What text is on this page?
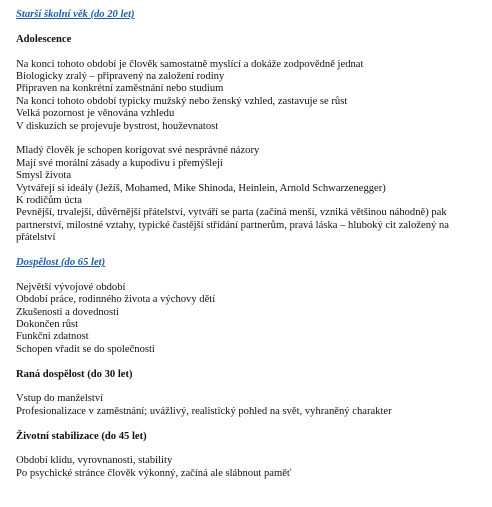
Starší školní věk (do 20 let)

Adolescence

Na konci tohoto období je člověk samostatně myslící a dokáže zodpovědně jednat

Biologicky zralý – připravený na založení rodiny

Připraven na konkrétní zaměstnání nebo studium

Na konci tohoto období typicky mužský nebo ženský vzhled, zastavuje se růst

Velká pozornost je věnována vzhledu

V diskuzích se projevuje bystrost, houževnatost

Mladý člověk je schopen korigovat své nesprávné názory

Mají své morální zásady a kupodivu i přemýšlejí

Smysl života

Vytvářejí si ideály (Ježíš, Mohamed, Mike Shinoda, Heinlein, Arnold Schwarzenegger)

K rodičům úcta

Pevnější, trvalejší, důvěrnější přátelství, vytváří se parta (začíná menší, vzniká většinou náhodně) pak partnerství, milostné vztahy, typické častější střídání partnerům, pravá láska – hluboký cit založený na přátelství

Dospělost (do 65 let)

Největší vývojové období

Období práce, rodinného života a výchovy dětí

Zkušenosti a dovednosti

Dokončen růst

Funkční zdatnost

Schopen vřadit se do společnosti

Raná dospělost (do 30 let)

Vstup do manželství

Profesionalizace v zaměstnání; uvážlivý, realistický pohled na svět, vyhraněný charakter

Životní stabilizace (do 45 let)

Období klidu, vyrovnanosti, stability

Po psychické stránce člověk výkonný, začíná ale slábnout paměť
